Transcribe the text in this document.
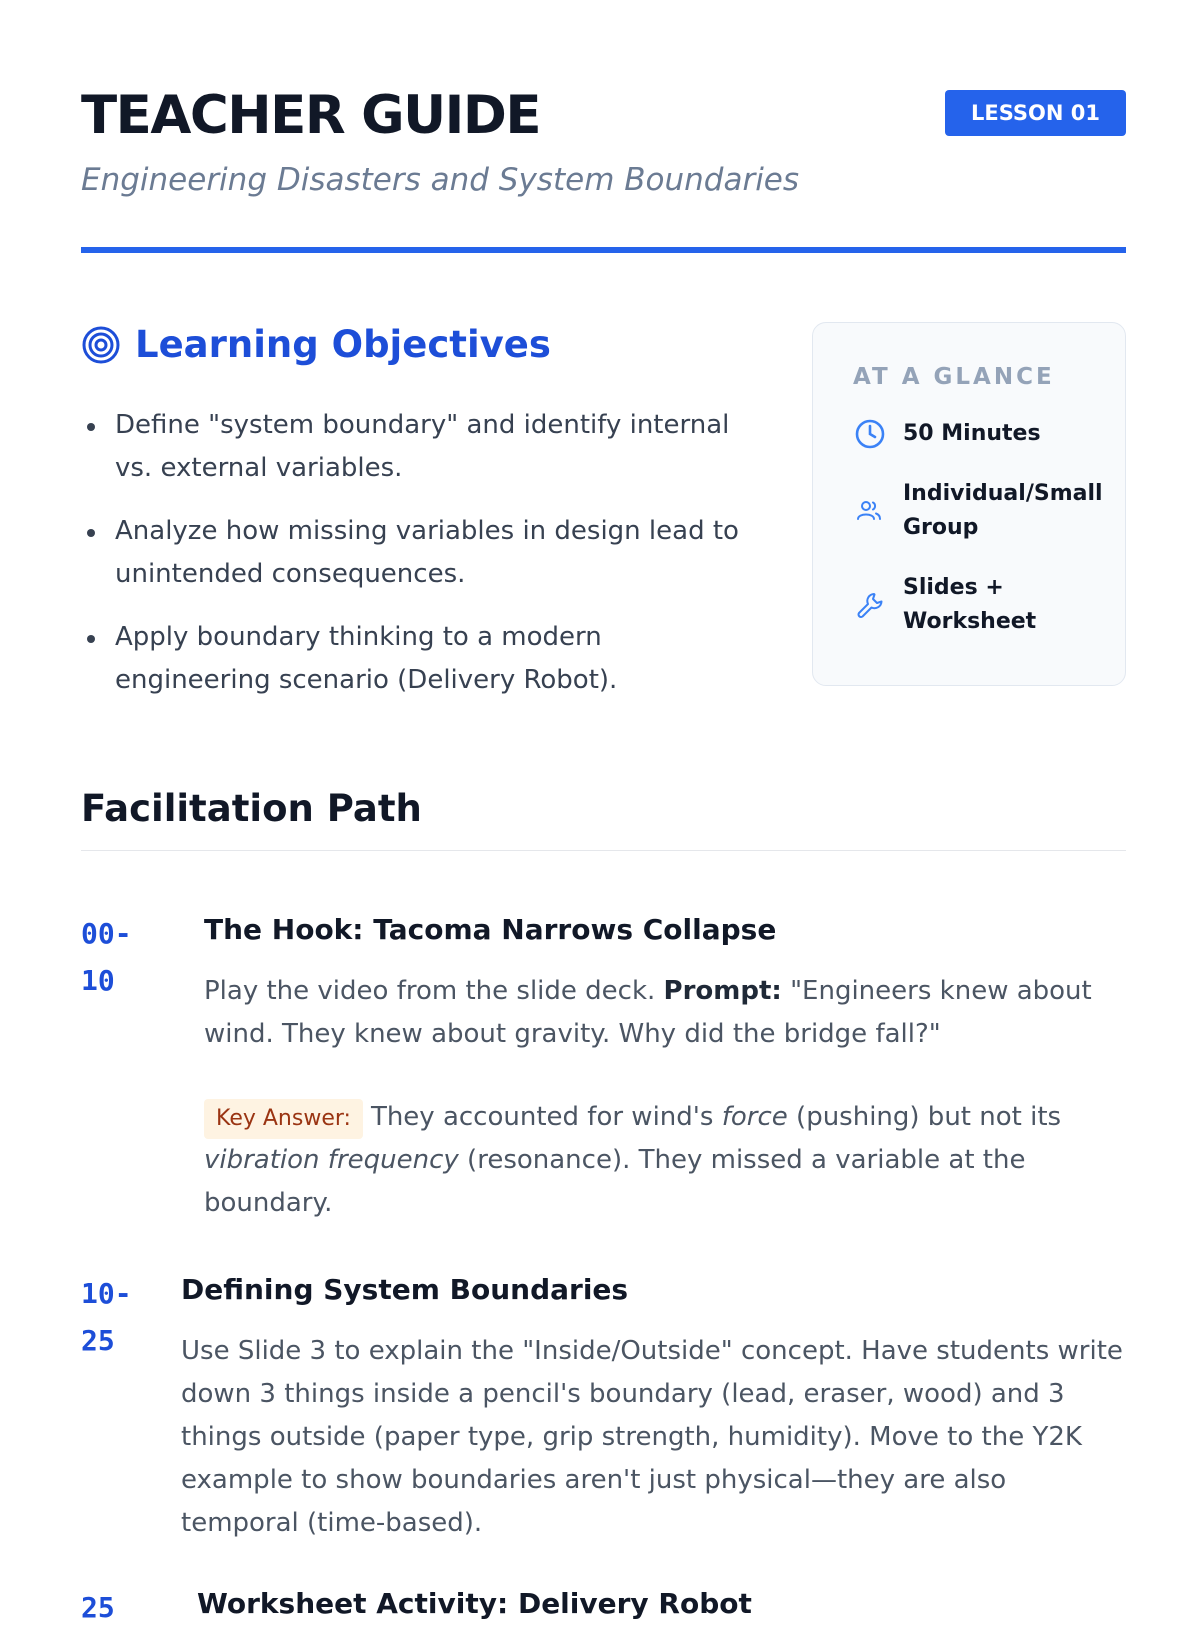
TEACHER GUIDE	LESSON 01
Engineering Disasters and System Boundaries
Learning Objectives
Define "system boundary" and identify internal vs. external variables.
Analyze how missing variables in design lead to unintended consequences.
Apply boundary thinking to a modern engineering scenario (Delivery Robot).
AT A GLANCE
50 Minutes
Individual/Small Group
Slides + Worksheet
Facilitation Path
00-10
The Hook: Tacoma Narrows Collapse

Play the video from the slide deck. Prompt: "Engineers knew about wind. They knew about gravity. Why did the bridge fall?"

Key Answer: They accounted for wind's force (pushing) but not its vibration frequency (resonance). They missed a variable at the boundary.

10-25
Defining System Boundaries

Use Slide 3 to explain the "Inside/Outside" concept. Have students write down 3 things inside a pencil's boundary (lead, eraser, wood) and 3 things outside (paper type, grip strength, humidity). Move to the Y2K example to show boundaries aren't just physical—they are also temporal (time-based).

25	Worksheet Activity: Delivery Robot
